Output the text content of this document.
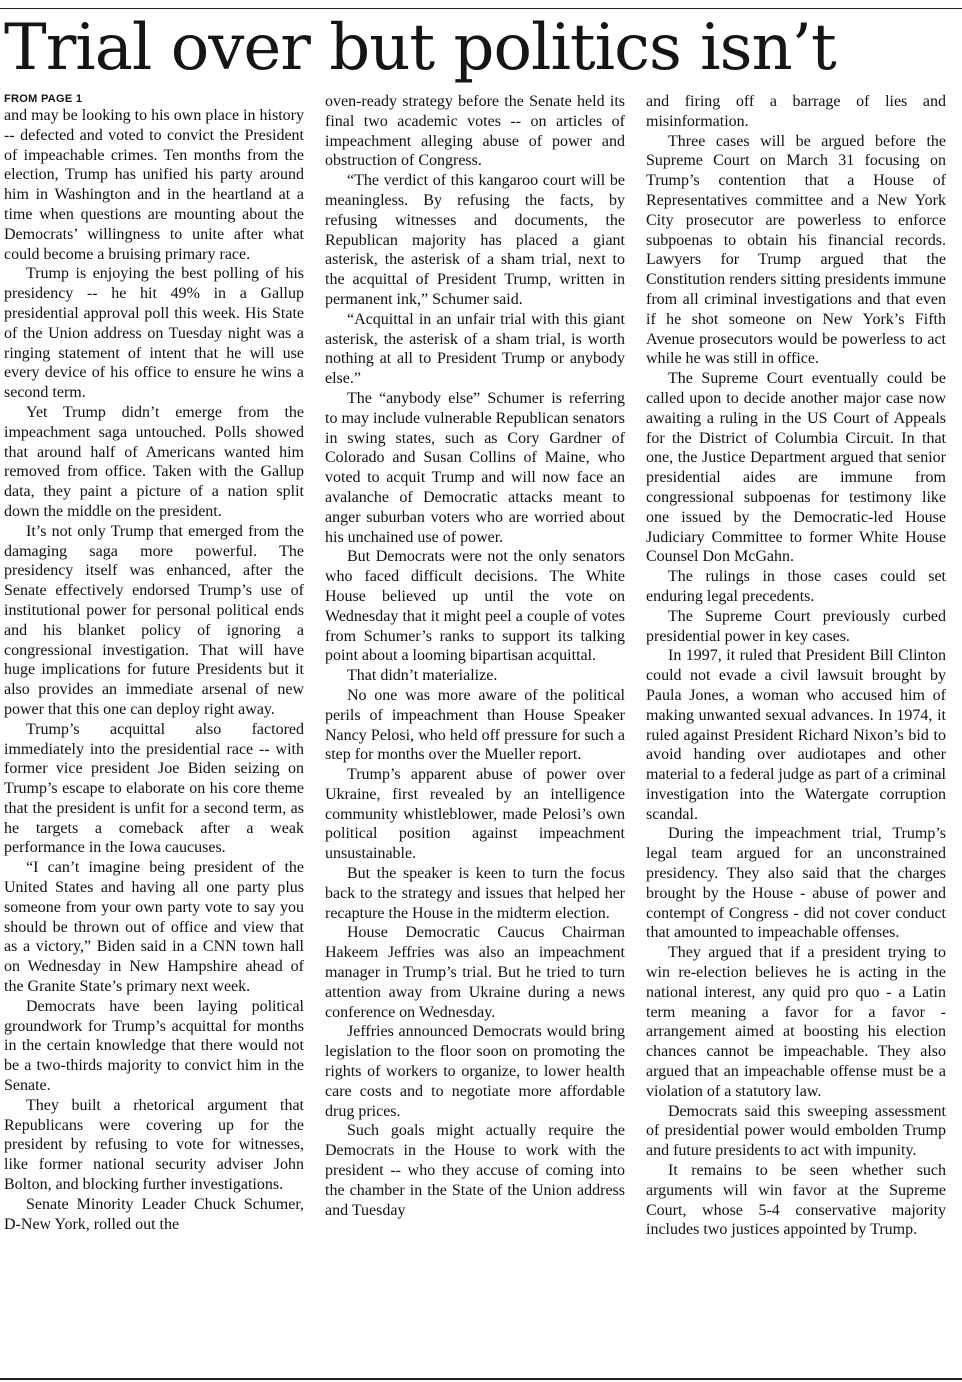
Trial over but politics isn’t
FROM PAGE 1

and may be looking to his own place in history -- defected and voted to convict the President of impeachable crimes. Ten months from the election, Trump has unified his party around him in Washington and in the heartland at a time when questions are mounting about the Democrats’ willingness to unite after what could become a bruising primary race.

Trump is enjoying the best polling of his presidency -- he hit 49% in a Gallup presidential approval poll this week. His State of the Union address on Tuesday night was a ringing statement of intent that he will use every device of his office to ensure he wins a second term.

Yet Trump didn’t emerge from the impeachment saga untouched. Polls showed that around half of Americans wanted him removed from office. Taken with the Gallup data, they paint a picture of a nation split down the middle on the president.

It’s not only Trump that emerged from the damaging saga more powerful. The presidency itself was enhanced, after the Senate effectively endorsed Trump’s use of institutional power for personal political ends and his blanket policy of ignoring a congressional investigation. That will have huge implications for future Presidents but it also provides an immediate arsenal of new power that this one can deploy right away.

Trump’s acquittal also factored immediately into the presidential race -- with former vice president Joe Biden seizing on Trump’s escape to elaborate on his core theme that the president is unfit for a second term, as he targets a comeback after a weak performance in the Iowa caucuses.

“I can’t imagine being president of the United States and having all one party plus someone from your own party vote to say you should be thrown out of office and view that as a victory,” Biden said in a CNN town hall on Wednesday in New Hampshire ahead of the Granite State’s primary next week.

Democrats have been laying political groundwork for Trump’s acquittal for months in the certain knowledge that there would not be a two-thirds majority to convict him in the Senate.

They built a rhetorical argument that Republicans were covering up for the president by refusing to vote for witnesses, like former national security adviser John Bolton, and blocking further investigations.

Senate Minority Leader Chuck Schumer, D-New York, rolled out the

oven-ready strategy before the Senate held its final two academic votes -- on articles of impeachment alleging abuse of power and obstruction of Congress.

“The verdict of this kangaroo court will be meaningless. By refusing the facts, by refusing witnesses and documents, the Republican majority has placed a giant asterisk, the asterisk of a sham trial, next to the acquittal of President Trump, written in permanent ink,” Schumer said.

“Acquittal in an unfair trial with this giant asterisk, the asterisk of a sham trial, is worth nothing at all to President Trump or anybody else.”

The “anybody else” Schumer is referring to may include vulnerable Republican senators in swing states, such as Cory Gardner of Colorado and Susan Collins of Maine, who voted to acquit Trump and will now face an avalanche of Democratic attacks meant to anger suburban voters who are worried about his unchained use of power.

But Democrats were not the only senators who faced difficult decisions. The White House believed up until the vote on Wednesday that it might peel a couple of votes from Schumer’s ranks to support its talking point about a looming bipartisan acquittal.

That didn’t materialize.

No one was more aware of the political perils of impeachment than House Speaker Nancy Pelosi, who held off pressure for such a step for months over the Mueller report.

Trump’s apparent abuse of power over Ukraine, first revealed by an intelligence community whistleblower, made Pelosi’s own political position against impeachment unsustainable.

But the speaker is keen to turn the focus back to the strategy and issues that helped her recapture the House in the midterm election.

House Democratic Caucus Chairman Hakeem Jeffries was also an impeachment manager in Trump’s trial. But he tried to turn attention away from Ukraine during a news conference on Wednesday.

Jeffries announced Democrats would bring legislation to the floor soon on promoting the rights of workers to organize, to lower health care costs and to negotiate more affordable drug prices.

Such goals might actually require the Democrats in the House to work with the president -- who they accuse of coming into the chamber in the State of the Union address and Tuesday

and firing off a barrage of lies and misinformation.

Three cases will be argued before the Supreme Court on March 31 focusing on Trump’s contention that a House of Representatives committee and a New York City prosecutor are powerless to enforce subpoenas to obtain his financial records. Lawyers for Trump argued that the Constitution renders sitting presidents immune from all criminal investigations and that even if he shot someone on New York’s Fifth Avenue prosecutors would be powerless to act while he was still in office.

The Supreme Court eventually could be called upon to decide another major case now awaiting a ruling in the US Court of Appeals for the District of Columbia Circuit. In that one, the Justice Department argued that senior presidential aides are immune from congressional subpoenas for testimony like one issued by the Democratic-led House Judiciary Committee to former White House Counsel Don McGahn.

The rulings in those cases could set enduring legal precedents.

The Supreme Court previously curbed presidential power in key cases.

In 1997, it ruled that President Bill Clinton could not evade a civil lawsuit brought by Paula Jones, a woman who accused him of making unwanted sexual advances. In 1974, it ruled against President Richard Nixon’s bid to avoid handing over audiotapes and other material to a federal judge as part of a criminal investigation into the Watergate corruption scandal.

During the impeachment trial, Trump’s legal team argued for an unconstrained presidency. They also said that the charges brought by the House - abuse of power and contempt of Congress - did not cover conduct that amounted to impeachable offenses.

They argued that if a president trying to win re-election believes he is acting in the national interest, any quid pro quo - a Latin term meaning a favor for a favor - arrangement aimed at boosting his election chances cannot be impeachable. They also argued that an impeachable offense must be a violation of a statutory law.

Democrats said this sweeping assessment of presidential power would embolden Trump and future presidents to act with impunity.

It remains to be seen whether such arguments will win favor at the Supreme Court, whose 5-4 conservative majority includes two justices appointed by Trump.
